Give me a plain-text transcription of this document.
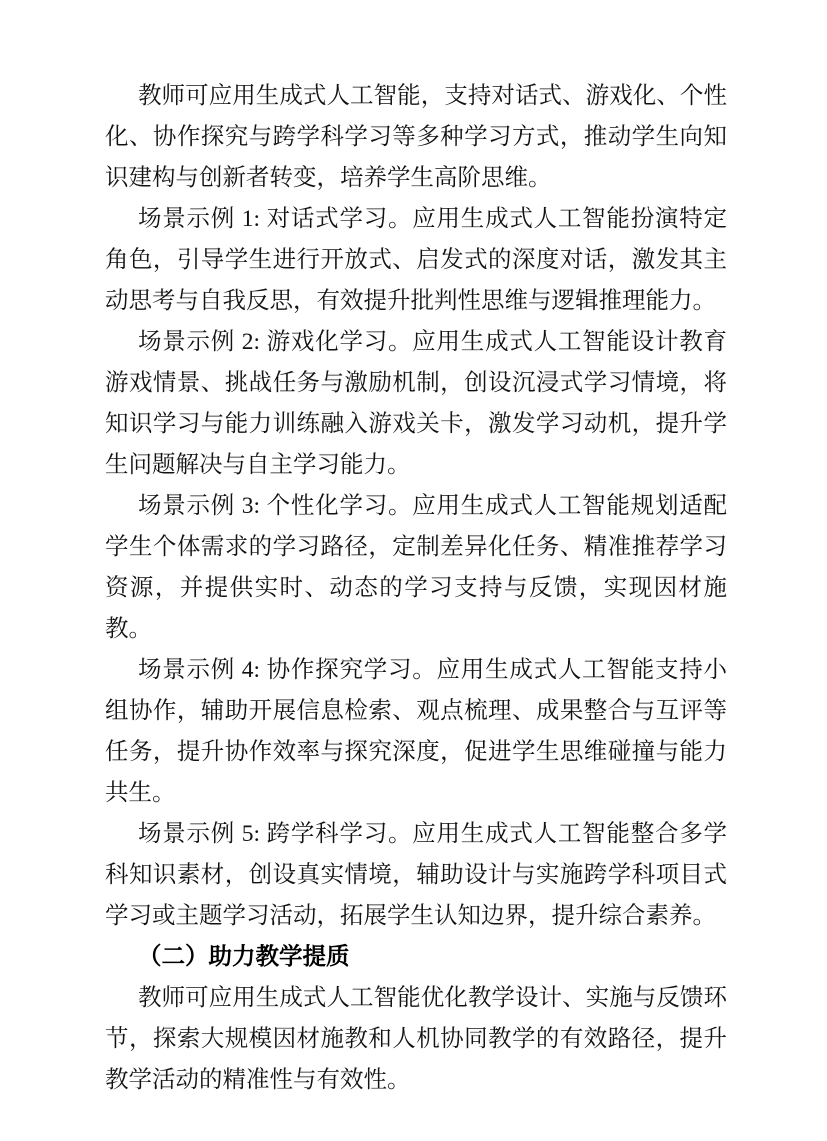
教师可应用生成式人工智能，支持对话式、游戏化、个性化、协作探究与跨学科学习等多种学习方式，推动学生向知识建构与创新者转变，培养学生高阶思维。

场景示例 1: 对话式学习。应用生成式人工智能扮演特定角色，引导学生进行开放式、启发式的深度对话，激发其主动思考与自我反思，有效提升批判性思维与逻辑推理能力。

场景示例 2: 游戏化学习。应用生成式人工智能设计教育游戏情景、挑战任务与激励机制，创设沉浸式学习情境，将知识学习与能力训练融入游戏关卡，激发学习动机，提升学生问题解决与自主学习能力。

场景示例 3: 个性化学习。应用生成式人工智能规划适配学生个体需求的学习路径，定制差异化任务、精准推荐学习资源，并提供实时、动态的学习支持与反馈，实现因材施教。

场景示例 4: 协作探究学习。应用生成式人工智能支持小组协作，辅助开展信息检索、观点梳理、成果整合与互评等任务，提升协作效率与探究深度，促进学生思维碰撞与能力共生。

场景示例 5: 跨学科学习。应用生成式人工智能整合多学科知识素材，创设真实情境，辅助设计与实施跨学科项目式学习或主题学习活动，拓展学生认知边界，提升综合素养。

（二）助力教学提质

教师可应用生成式人工智能优化教学设计、实施与反馈环节，探索大规模因材施教和人机协同教学的有效路径，提升教学活动的精准性与有效性。
